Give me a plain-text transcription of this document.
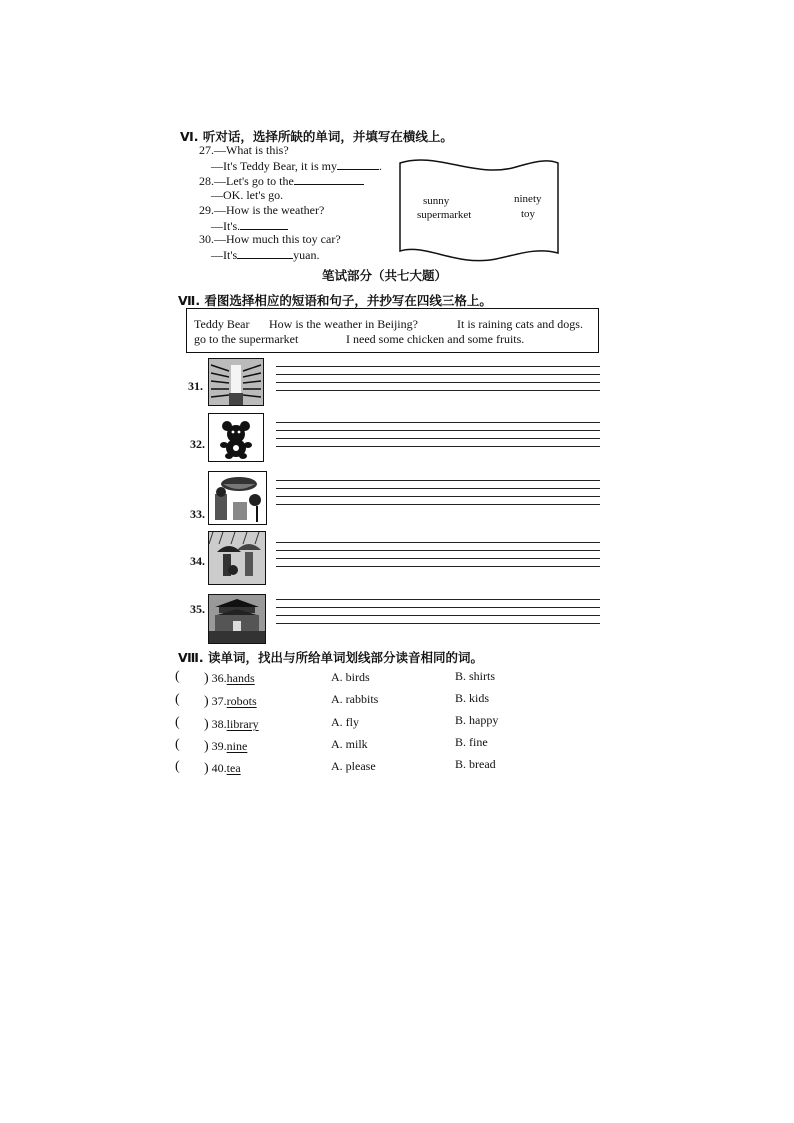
Ⅵ. 听对话，选择所缺的单词，并填写在横线上。
27.—What is this?
—It's Teddy Bear, it is my	.
28.—Let's go to the
—OK. let's go.
29.—How is the weather?
—It's.
30.—How much this toy car?
—It's	yuan.
sunny	ninety
supermarket	toy
笔试部分（共七大题）
Ⅶ. 看图选择相应的短语和句子，并抄写在四线三格上。
Teddy Bear How is the weather in Beijing?	It is raining cats and dogs.
go to the supermarket	I need some chicken and some fruits.
31.
32.
33.
34.
35.
Ⅷ. 读单词，找出与所给单词划线部分读音相同的词。
( ) 36.hands	A. birds	B. shirts
( ) 37.robots	A. rabbits	B. kids
( ) 38.library	A. fly	B. happy
( ) 39.nine	A. milk	B. fine
( ) 40.tea	A. please	B. bread
